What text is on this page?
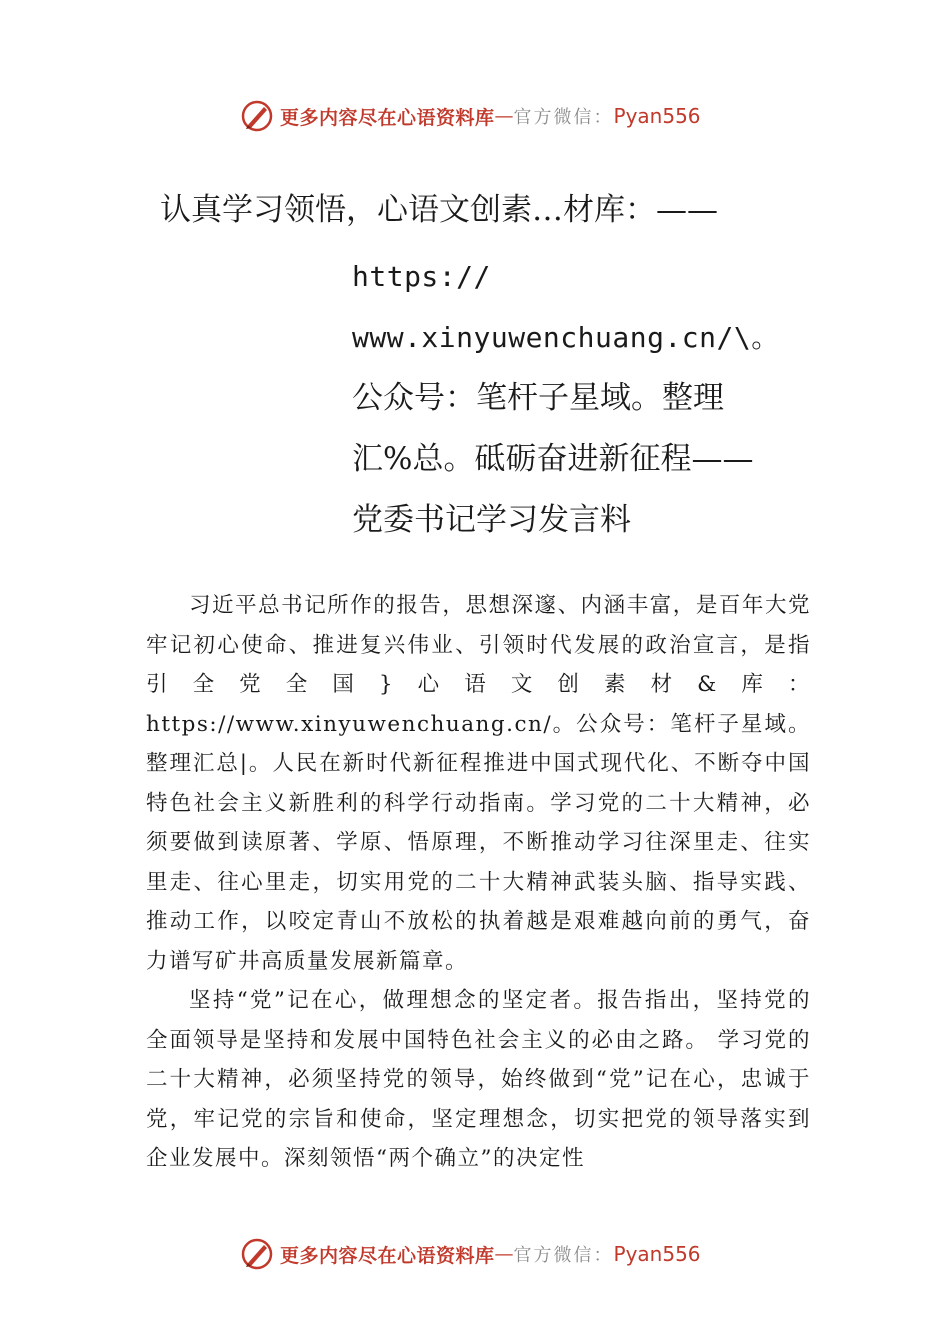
更多内容尽在心语资料库 — 官方微信： Pyan556
认真学习领悟，心语文创素…材库：——
https://
www.xinyuwenchuang.cn/\。
公众号：笔杆子星域。整理
汇%总。砥砺奋进新征程——
党委书记学习发言料

习近平总书记所作的报告，思想深邃、内涵丰富，是百年大党牢记初心使命、推进复兴伟业、引领时代发展的政治宣言，是指引全党全国}心语文创素材&库：https://www.xinyuwenchuang.cn/。公众号：笔杆子星域。整理汇总|。人民在新时代新征程推进中国式现代化、不断夺中国特色社会主义新胜利的科学行动指南。学习党的二十大精神，必须要做到读原著、学原、悟原理，不断推动学习往深里走、往实里走、往心里走，切实用党的二十大精神武装头脑、指导实践、推动工作，以咬定青山不放松的执着越是艰难越向前的勇气，奋力谱写矿井高质量发展新篇章。

坚持“党”记在心，做理想念的坚定者。报告指出，坚持党的全面领导是坚持和发展中国特色社会主义的必由之路。 学习党的二十大精神，必须坚持党的领导，始终做到“党”记在心，忠诚于党，牢记党的宗旨和使命，坚定理想念，切实把党的领导落实到企业发展中。深刻领悟“两个确立”的决定性

更多内容尽在心语资料库 — 官方微信： Pyan556
